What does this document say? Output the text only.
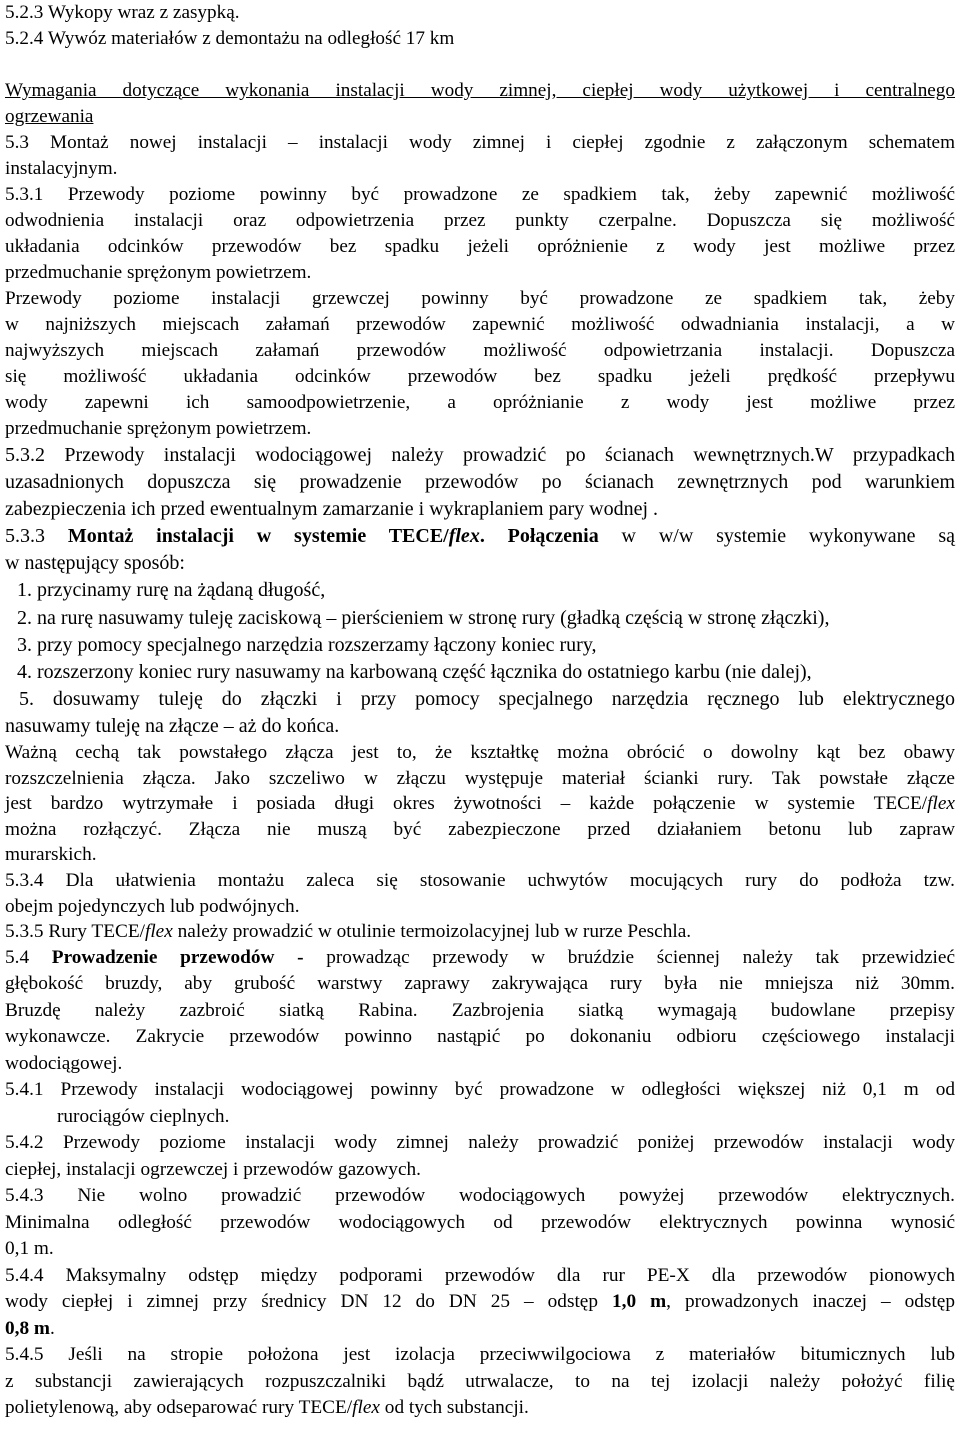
5.2.3 Wykopy wraz z zasypką.

5.2.4 Wywóz materiałów z demontażu na odległość 17 km

Wymagania dotyczące wykonania instalacji wody zimnej, ciepłej wody użytkowej i centralnego

ogrzewania

5.3 Montaż nowej instalacji – instalacji wody zimnej i ciepłej zgodnie z załączonym schematem

instalacyjnym.

5.3.1 Przewody poziome powinny być prowadzone ze spadkiem tak, żeby zapewnić możliwość

odwodnienia instalacji oraz odpowietrzenia przez punkty czerpalne. Dopuszcza się możliwość

układania odcinków przewodów bez spadku jeżeli opróżnienie z wody jest możliwe przez

przedmuchanie sprężonym powietrzem.

Przewody poziome instalacji grzewczej powinny być prowadzone ze spadkiem tak, żeby

w najniższych miejscach załamań przewodów zapewnić możliwość odwadniania instalacji, a w

najwyższych miejscach załamań przewodów możliwość odpowietrzania instalacji. Dopuszcza

się możliwość układania odcinków przewodów bez spadku jeżeli prędkość przepływu

wody zapewni ich samoodpowietrzenie, a opróżnianie z wody jest możliwe przez

przedmuchanie sprężonym powietrzem.

5.3.2 Przewody instalacji wodociągowej należy prowadzić po ścianach wewnętrznych.W przypadkach

uzasadnionych dopuszcza się prowadzenie przewodów po ścianach zewnętrznych pod warunkiem

zabezpieczenia ich przed ewentualnym zamarzanie i wykraplaniem pary wodnej .

5.3.3 Montaż instalacji w systemie TECE/flex. Połączenia w w/w systemie wykonywane są

w następujący sposób:

1. przycinamy rurę na żądaną długość,

2. na rurę nasuwamy tuleję zaciskową – pierścieniem w stronę rury (gładką częścią w stronę złączki),

3. przy pomocy specjalnego narzędzia rozszerzamy łączony koniec rury,

4. rozszerzony koniec rury nasuwamy na karbowaną część łącznika do ostatniego karbu (nie dalej),

5. dosuwamy tuleję do złączki i przy pomocy specjalnego narzędzia ręcznego lub elektrycznego

nasuwamy tuleję na złącze – aż do końca.

Ważną cechą tak powstałego złącza jest to, że kształtkę można obrócić o dowolny kąt bez obawy

rozszczelnienia złącza. Jako szczeliwo w złączu występuje materiał ścianki rury. Tak powstałe złącze

jest bardzo wytrzymałe i posiada długi okres żywotności – każde połączenie w systemie TECE/flex

można rozłączyć. Złącza nie muszą być zabezpieczone przed działaniem betonu lub zapraw

murarskich.

5.3.4 Dla ułatwienia montażu zaleca się stosowanie uchwytów mocujących rury do podłoża tzw.

obejm pojedynczych lub podwójnych.

5.3.5 Rury TECE/flex należy prowadzić w otulinie termoizolacyjnej lub w rurze Peschla.

5.4 Prowadzenie przewodów - prowadząc przewody w bruździe ściennej należy tak przewidzieć

głębokość bruzdy, aby grubość warstwy zaprawy zakrywająca rury była nie mniejsza niż 30mm.

Bruzdę należy zazbroić siatką Rabina. Zazbrojenia siatką wymagają budowlane przepisy

wykonawcze. Zakrycie przewodów powinno nastąpić po dokonaniu odbioru częściowego instalacji

wodociągowej.

5.4.1 Przewody instalacji wodociągowej powinny być prowadzone w odległości większej niż 0,1 m od

rurociągów cieplnych.

5.4.2 Przewody poziome instalacji wody zimnej należy prowadzić poniżej przewodów instalacji wody

ciepłej, instalacji ogrzewczej i przewodów gazowych.

5.4.3 Nie wolno prowadzić przewodów wodociągowych powyżej przewodów elektrycznych.

Minimalna odległość przewodów wodociągowych od przewodów elektrycznych powinna wynosić

0,1 m.

5.4.4 Maksymalny odstęp między podporami przewodów dla rur PE-X dla przewodów pionowych

wody ciepłej i zimnej przy średnicy DN 12 do DN 25 – odstęp 1,0 m, prowadzonych inaczej – odstęp

0,8 m.

5.4.5 Jeśli na stropie położona jest izolacja przeciwwilgociowa z materiałów bitumicznych lub

z substancji zawierających rozpuszczalniki bądź utrwalacze, to na tej izolacji należy położyć filię

polietylenową, aby odseparować rury TECE/flex od tych substancji.
